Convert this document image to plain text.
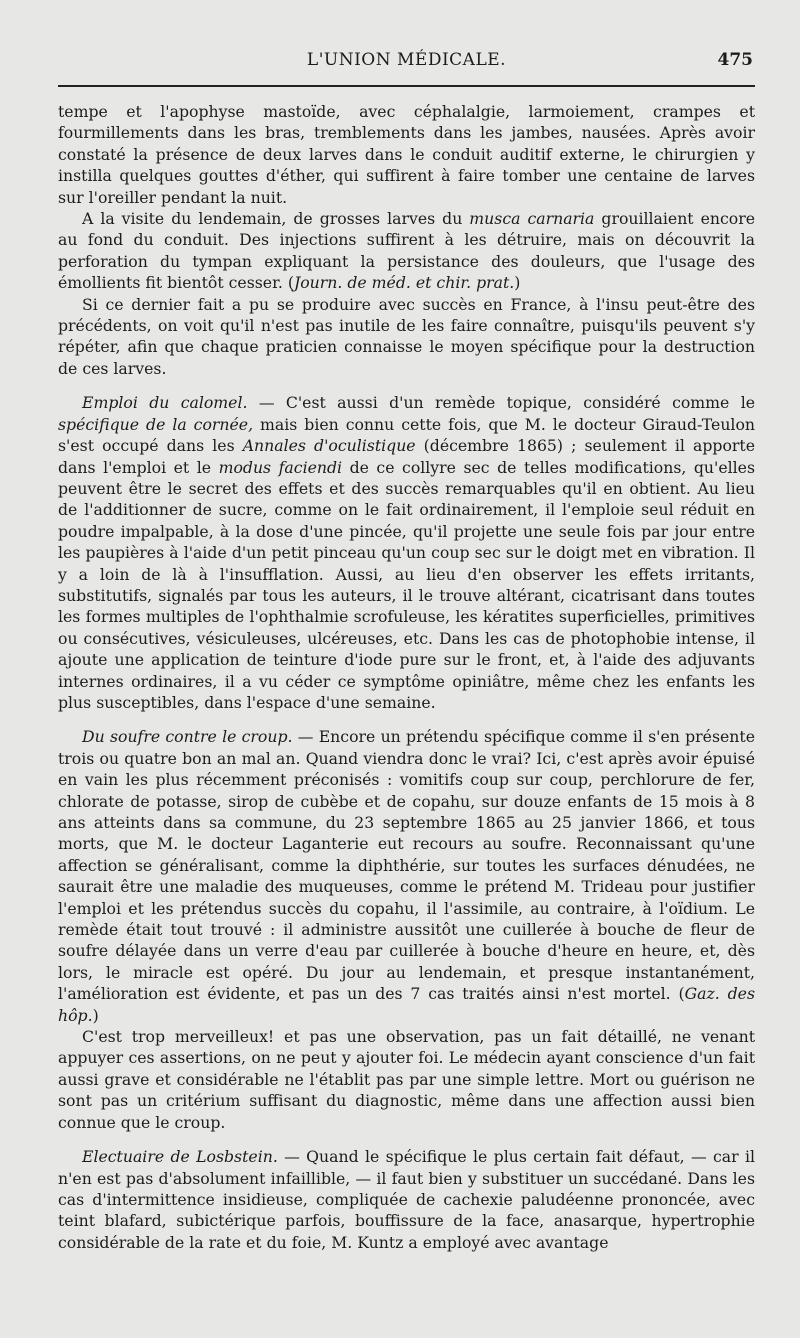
L'UNION MÉDICALE.	475

tempe et l'apophyse mastoïde, avec céphalalgie, larmoiement, crampes et fourmillements dans les bras, tremblements dans les jambes, nausées. Après avoir constaté la présence de deux larves dans le conduit auditif externe, le chirurgien y instilla quelques gouttes d'éther, qui suffirent à faire tomber une centaine de larves sur l'oreiller pendant la nuit.

A la visite du lendemain, de grosses larves du musca carnaria grouillaient encore au fond du conduit. Des injections suffirent à les détruire, mais on découvrit la perforation du tympan expliquant la persistance des douleurs, que l'usage des émollients fit bientôt cesser. (Journ. de méd. et chir. prat.)

Si ce dernier fait a pu se produire avec succès en France, à l'insu peut-être des précédents, on voit qu'il n'est pas inutile de les faire connaître, puisqu'ils peuvent s'y répéter, afin que chaque praticien connaisse le moyen spécifique pour la destruction de ces larves.

Emploi du calomel. — C'est aussi d'un remède topique, considéré comme le spécifique de la cornée, mais bien connu cette fois, que M. le docteur Giraud-Teulon s'est occupé dans les Annales d'oculistique (décembre 1865) ; seulement il apporte dans l'emploi et le modus faciendi de ce collyre sec de telles modifications, qu'elles peuvent être le secret des effets et des succès remarquables qu'il en obtient. Au lieu de l'additionner de sucre, comme on le fait ordinairement, il l'emploie seul réduit en poudre impalpable, à la dose d'une pincée, qu'il projette une seule fois par jour entre les paupières à l'aide d'un petit pinceau qu'un coup sec sur le doigt met en vibration. Il y a loin de là à l'insufflation. Aussi, au lieu d'en observer les effets irritants, substitutifs, signalés par tous les auteurs, il le trouve altérant, cicatrisant dans toutes les formes multiples de l'ophthalmie scrofuleuse, les kératites superficielles, primitives ou consécutives, vésiculeuses, ulcéreuses, etc. Dans les cas de photophobie intense, il ajoute une application de teinture d'iode pure sur le front, et, à l'aide des adjuvants internes ordinaires, il a vu céder ce symptôme opiniâtre, même chez les enfants les plus susceptibles, dans l'espace d'une semaine.

Du soufre contre le croup. — Encore un prétendu spécifique comme il s'en présente trois ou quatre bon an mal an. Quand viendra donc le vrai? Ici, c'est après avoir épuisé en vain les plus récemment préconisés : vomitifs coup sur coup, perchlorure de fer, chlorate de potasse, sirop de cubèbe et de copahu, sur douze enfants de 15 mois à 8 ans atteints dans sa commune, du 23 septembre 1865 au 25 janvier 1866, et tous morts, que M. le docteur Laganterie eut recours au soufre. Reconnaissant qu'une affection se généralisant, comme la diphthérie, sur toutes les surfaces dénudées, ne saurait être une maladie des muqueuses, comme le prétend M. Trideau pour justifier l'emploi et les prétendus succès du copahu, il l'assimile, au contraire, à l'oïdium. Le remède était tout trouvé : il administre aussitôt une cuillerée à bouche de fleur de soufre délayée dans un verre d'eau par cuillerée à bouche d'heure en heure, et, dès lors, le miracle est opéré. Du jour au lendemain, et presque instantanément, l'amélioration est évidente, et pas un des 7 cas traités ainsi n'est mortel. (Gaz. des hôp.)

C'est trop merveilleux! et pas une observation, pas un fait détaillé, ne venant appuyer ces assertions, on ne peut y ajouter foi. Le médecin ayant conscience d'un fait aussi grave et considérable ne l'établit pas par une simple lettre. Mort ou guérison ne sont pas un critérium suffisant du diagnostic, même dans une affection aussi bien connue que le croup.

Electuaire de Losbstein. — Quand le spécifique le plus certain fait défaut, — car il n'en est pas d'absolument infaillible, — il faut bien y substituer un succédané. Dans les cas d'intermittence insidieuse, compliquée de cachexie paludéenne prononcée, avec teint blafard, subictérique parfois, bouffissure de la face, anasarque, hypertrophie considérable de la rate et du foie, M. Kuntz a employé avec avantage
